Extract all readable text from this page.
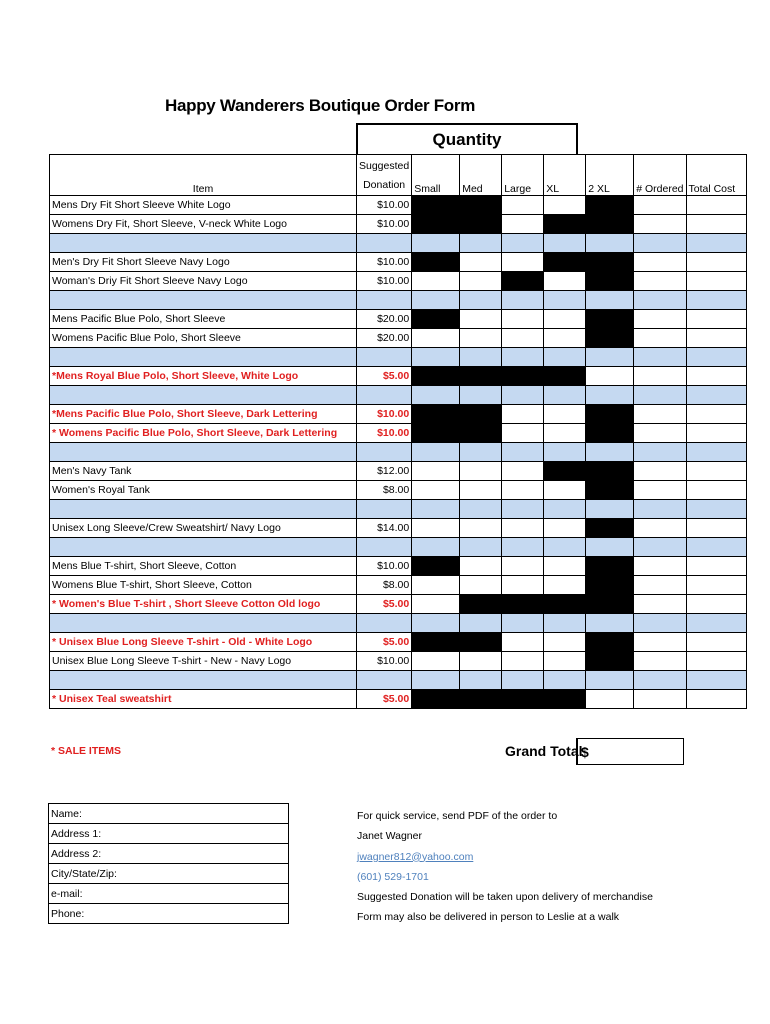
Happy Wanderers Boutique Order Form
Quantity
Item	Suggested Donation	Small	Med	Large	XL	2 XL	# Ordered	Total Cost
Mens Dry Fit Short Sleeve White Logo	$10.00							
Womens Dry Fit, Short Sleeve, V-neck White Logo	$10.00							

Men's Dry Fit Short Sleeve Navy Logo	$10.00							
Woman's Driy Fit Short Sleeve Navy Logo	$10.00							

Mens Pacific Blue Polo, Short Sleeve	$20.00							
Womens Pacific Blue Polo, Short Sleeve	$20.00							

*Mens Royal Blue Polo, Short Sleeve, White Logo	$5.00							

*Mens Pacific Blue Polo, Short Sleeve, Dark Lettering	$10.00							
* Womens Pacific Blue Polo, Short Sleeve, Dark Lettering	$10.00							

Men's Navy Tank	$12.00							
Women's Royal Tank	$8.00							

Unisex Long Sleeve/Crew Sweatshirt/ Navy Logo	$14.00							

Mens Blue T-shirt, Short Sleeve, Cotton	$10.00							
Womens Blue T-shirt, Short Sleeve, Cotton	$8.00							
* Women's Blue T-shirt , Short Sleeve Cotton Old logo	$5.00							

* Unisex Blue Long Sleeve T-shirt - Old - White Logo	$5.00							
Unisex Blue Long Sleeve T-shirt - New - Navy Logo	$10.00							

* Unisex Teal sweatshirt	$5.00							
* SALE ITEMS	Grand Total
$
Name:
Address 1:
Address 2:
City/State/Zip:
e-mail:
Phone:
For quick service, send PDF of the order to
Janet Wagner
jwagner812@yahoo.com
(601) 529-1701
Suggested Donation will be taken upon delivery of merchandise
Form may also be delivered in person to Leslie at a walk
